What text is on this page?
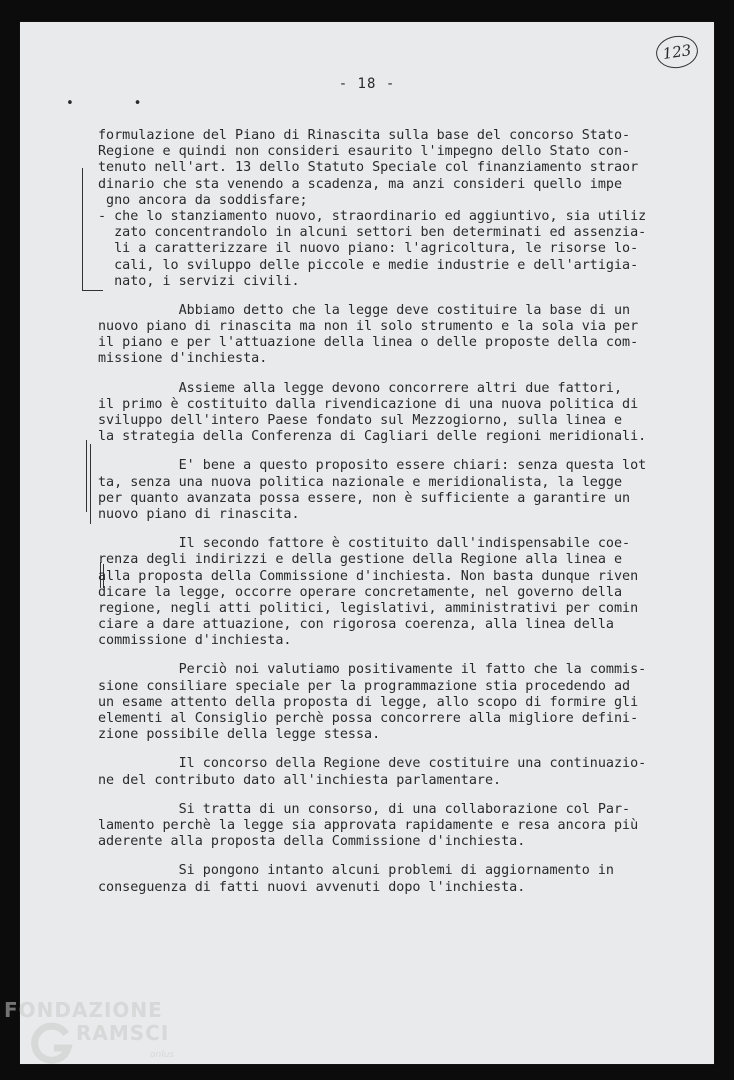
123
- 18 -
• •
formulazione del Piano di Rinascita sulla base del concorso Stato-
Regione e quindi non consideri esaurito l'impegno dello Stato con-
tenuto nell'art. 13 dello Statuto Speciale col finanziamento straor
dinario che sta venendo a scadenza, ma anzi consideri quello impe
gno ancora da soddisfare;
- che lo stanziamento nuovo, straordinario ed aggiuntivo, sia utiliz
zato concentrandolo in alcuni settori ben determinati ed assenzia-
li a caratterizzare il nuovo piano: l'agricoltura, le risorse lo-
cali, lo sviluppo delle piccole e medie industrie e dell'artigia-
nato, i servizi civili.
Abbiamo detto che la legge deve costituire la base di un
nuovo piano di rinascita ma non il solo strumento e la sola via per
il piano e per l'attuazione della linea o delle proposte della com-
missione d'inchiesta.
Assieme alla legge devono concorrere altri due fattori,
il primo è costituito dalla rivendicazione di una nuova politica di
sviluppo dell'intero Paese fondato sul Mezzogiorno, sulla linea e
la strategia della Conferenza di Cagliari delle regioni meridionali.
E' bene a questo proposito essere chiari: senza questa lot
ta, senza una nuova politica nazionale e meridionalista, la legge
per quanto avanzata possa essere, non è sufficiente a garantire un
nuovo piano di rinascita.
Il secondo fattore è costituito dall'indispensabile coe-
renza degli indirizzi e della gestione della Regione alla linea e
alla proposta della Commissione d'inchiesta. Non basta dunque riven
dicare la legge, occorre operare concretamente, nel governo della
regione, negli atti politici, legislativi, amministrativi per comin
ciare a dare attuazione, con rigorosa coerenza, alla linea della
commissione d'inchiesta.
Perciò noi valutiamo positivamente il fatto che la commis-
sione consiliare speciale per la programmazione stia procedendo ad
un esame attento della proposta di legge, allo scopo di formire gli
elementi al Consiglio perchè possa concorrere alla migliore defini-
zione possibile della legge stessa.
Il concorso della Regione deve costituire una continuazio-
ne del contributo dato all'inchiesta parlamentare.
Si tratta di un consorso, di una collaborazione col Par-
lamento perchè la legge sia approvata rapidamente e resa ancora più
aderente alla proposta della Commissione d'inchiesta.
Si pongono intanto alcuni problemi di aggiornamento in
conseguenza di fatti nuovi avvenuti dopo l'inchiesta.
FONDAZIONE
RAMSCI
onlus
